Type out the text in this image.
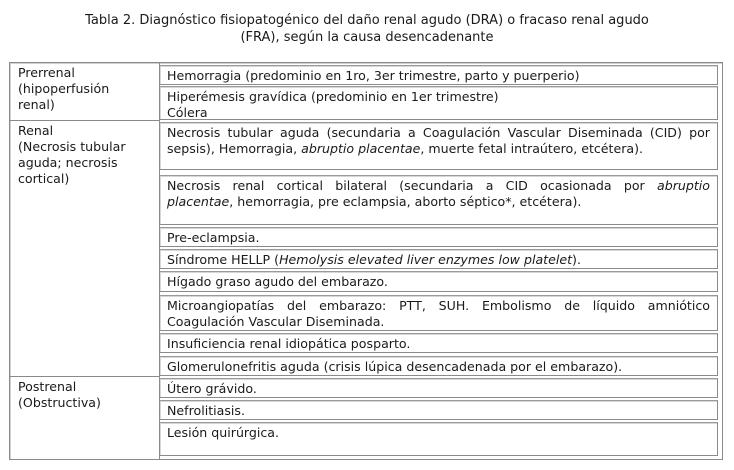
Tabla 2. Diagnóstico fisiopatogénico del daño renal agudo (DRA) o fracaso renal agudo
(FRA), según la causa desencadenante
Prerrenal
(hipoperfusión
renal)
Renal
(Necrosis tubular
aguda; necrosis
cortical)
Postrenal
(Obstructiva)
Hemorragia (predominio en 1ro, 3er trimestre, parto y puerperio)
Hiperémesis gravídica (predominio en 1er trimestre)
Cólera
Necrosis tubular aguda (secundaria a Coagulación Vascular Diseminada (CID) por
sepsis), Hemorragia, abruptio placentae, muerte fetal intraútero, etcétera).
Necrosis renal cortical bilateral (secundaria a CID ocasionada por abruptio
placentae, hemorragia, pre eclampsia, aborto séptico*, etcétera).
Pre-eclampsia.
Síndrome HELLP (Hemolysis elevated liver enzymes low platelet).
Hígado graso agudo del embarazo.
Microangiopatías del embarazo: PTT, SUH. Embolismo de líquido amniótico
Coagulación Vascular Diseminada.
Insuficiencia renal idiopática posparto.
Glomerulonefritis aguda (crisis lúpica desencadenada por el embarazo).
Útero grávido.
Nefrolitiasis.
Lesión quirúrgica.
